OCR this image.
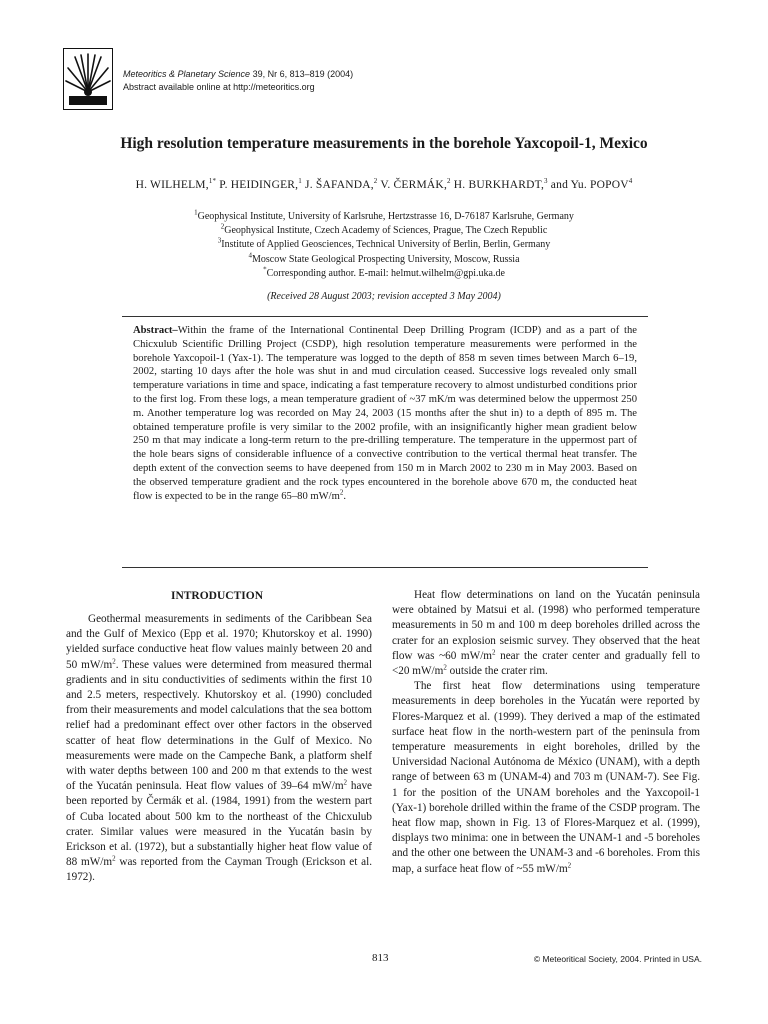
Meteoritics & Planetary Science 39, Nr 6, 813–819 (2004)
Abstract available online at http://meteoritics.org
High resolution temperature measurements in the borehole Yaxcopoil-1, Mexico
H. WILHELM,$^{1*}$ P. HEIDINGER,$^1$ J. ŠAFANDA,$^2$ V. ČERMÁK,$^2$ H. BURKHARDT,$^3$ and Yu. POPOV$^4$
$^1$Geophysical Institute, University of Karlsruhe, Hertzstrasse 16, D-76187 Karlsruhe, Germany
$^2$Geophysical Institute, Czech Academy of Sciences, Prague, The Czech Republic
$^3$Institute of Applied Geosciences, Technical University of Berlin, Berlin, Germany
$^4$Moscow State Geological Prospecting University, Moscow, Russia
*Corresponding author. E-mail: helmut.wilhelm@gpi.uka.de
(Received 28 August 2003; revision accepted 3 May 2004)
Abstract–Within the frame of the International Continental Deep Drilling Program (ICDP) and as a part of the Chicxulub Scientific Drilling Project (CSDP), high resolution temperature measurements were performed in the borehole Yaxcopoil-1 (Yax-1). The temperature was logged to the depth of 858 m seven times between March 6–19, 2002, starting 10 days after the hole was shut in and mud circulation ceased. Successive logs revealed only small temperature variations in time and space, indicating a fast temperature recovery to almost undisturbed conditions prior to the first log. From these logs, a mean temperature gradient of ~37 mK/m was determined below the uppermost 250 m. Another temperature log was recorded on May 24, 2003 (15 months after the shut in) to a depth of 895 m. The obtained temperature profile is very similar to the 2002 profile, with an insignificantly higher mean gradient below 250 m that may indicate a long-term return to the pre-drilling temperature. The temperature in the uppermost part of the hole bears signs of considerable influence of a convective contribution to the vertical thermal heat transfer. The depth extent of the convection seems to have deepened from 150 m in March 2002 to 230 m in May 2003. Based on the observed temperature gradient and the rock types encountered in the borehole above 670 m, the conducted heat flow is expected to be in the range 65–80 $mW/m^2$.
INTRODUCTION

Geothermal measurements in sediments of the Caribbean Sea and the Gulf of Mexico (Epp et al. 1970; Khutorskoy et al. 1990) yielded surface conductive heat flow values mainly between 20 and 50 $mW/m^2$. These values were determined from measured thermal gradients and in situ conductivities of sediments within the first 10 and 2.5 meters, respectively. Khutorskoy et al. (1990) concluded from their measurements and model calculations that the sea bottom relief had a predominant effect over other factors in the observed scatter of heat flow determinations in the Gulf of Mexico. No measurements were made on the Campeche Bank, a platform shelf with water depths between 100 and 200 m that extends to the west of the Yucatán peninsula. Heat flow values of 39–64 $mW/m^2$ have been reported by Čermák et al. (1984, 1991) from the western part of Cuba located about 500 km to the northeast of the Chicxulub crater. Similar values were measured in the Yucatán basin by Erickson et al. (1972), but a substantially higher heat flow value of 88 $mW/m^2$ was reported from the Cayman Trough (Erickson et al. 1972).

Heat flow determinations on land on the Yucatán peninsula were obtained by Matsui et al. (1998) who performed temperature measurements in 50 m and 100 m deep boreholes drilled across the crater for an explosion seismic survey. They observed that the heat flow was ~60 $mW/m^2$ near the crater center and gradually fell to <20 $mW/m^2$ outside the crater rim.

The first heat flow determinations using temperature measurements in deep boreholes in the Yucatán were reported by Flores-Marquez et al. (1999). They derived a map of the estimated surface heat flow in the north-western part of the peninsula from temperature measurements in eight boreholes, drilled by the Universidad Nacional Autónoma de México (UNAM), with a depth range of between 63 m (UNAM-4) and 703 m (UNAM-7). See Fig. 1 for the position of the UNAM boreholes and the Yaxcopoil-1 (Yax-1) borehole drilled within the frame of the CSDP program. The heat flow map, shown in Fig. 13 of Flores-Marquez et al. (1999), displays two minima: one in between the UNAM-1 and -5 boreholes and the other one between the UNAM-3 and -6 boreholes. From this map, a surface heat flow of ~55 $mW/m^2$

813	© Meteoritical Society, 2004. Printed in USA.
